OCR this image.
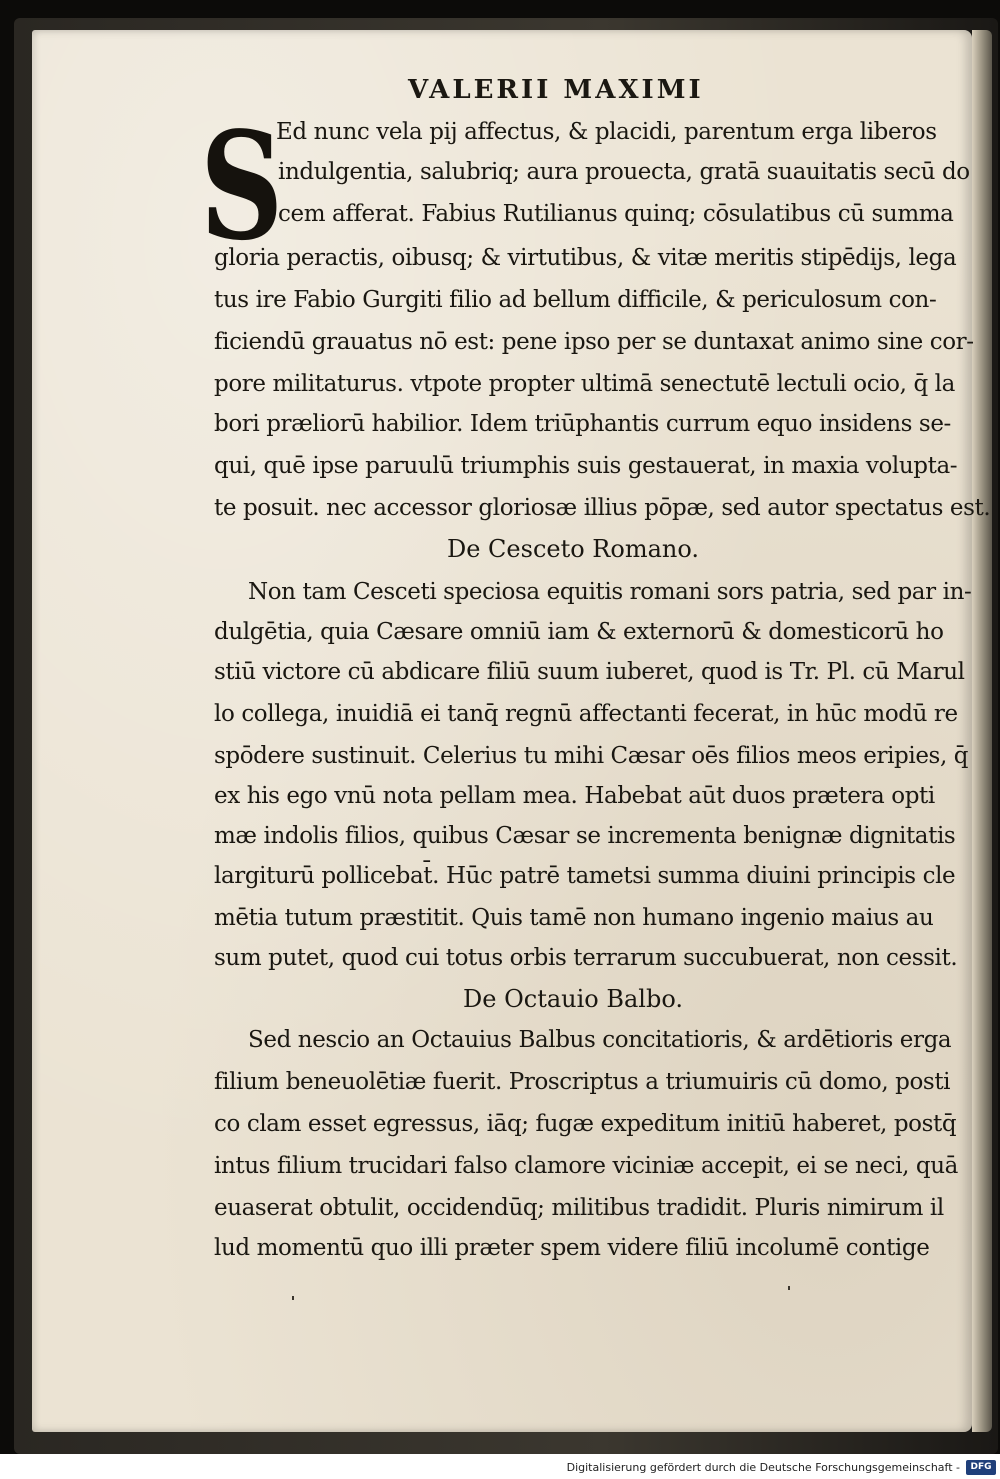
VALERII MAXIMI
S
Ed nunc vela pij affectus, & placidi, parentum erga liberos
indulgentia, salubriq; aura prouecta, gratā suauitatis secū do
cem afferat. Fabius Rutilianus quinq; cōsulatibus cū summa
gloria peractis, oibusq; & virtutibus, & vitæ meritis stipēdijs, lega
tus ire Fabio Gurgiti filio ad bellum difficile, & periculosum con-
ficiendū grauatus nō est: pene ipso per se duntaxat animo sine cor-
pore militaturus. vtpote propter ultimā senectutē lectuli ocio, q̄ la
bori præliorū habilior. Idem triūphantis currum equo insidens se-
qui, quē ipse paruulū triumphis suis gestauerat, in maxia volupta-
te posuit. nec accessor gloriosæ illius pōpæ, sed autor spectatus est.
De Cesceto Romano.
Non tam Cesceti speciosa equitis romani sors patria, sed par in-
dulgētia, quia Cæsare omniū iam & externorū & domesticorū ho
stiū victore cū abdicare filiū suum iuberet, quod is Tr. Pl. cū Marul
lo collega, inuidiā ei tanq̄ regnū affectanti fecerat, in hūc modū re
spōdere sustinuit. Celerius tu mihi Cæsar oēs filios meos eripies, q̄
ex his ego vnū nota pellam mea. Habebat aūt duos prætera opti
mæ indolis filios, quibus Cæsar se incrementa benignæ dignitatis
largiturū pollicebat̄. Hūc patrē tametsi summa diuini principis cle
mētia tutum præstitit. Quis tamē non humano ingenio maius au
sum putet, quod cui totus orbis terrarum succubuerat, non cessit.
De Octauio Balbo.
Sed nescio an Octauius Balbus concitatioris, & ardētioris erga
filium beneuolētiæ fuerit. Proscriptus a triumuiris cū domo, posti
co clam esset egressus, iāq; fugæ expeditum initiū haberet, postq̄
intus filium trucidari falso clamore viciniæ accepit, ei se neci, quā
euaserat obtulit, occidendūq; militibus tradidit. Pluris nimirum il
lud momentū quo illi præter spem videre filiū incolumē contige
Digitalisierung gefördert durch die Deutsche Forschungsgemeinschaft -	DFG
